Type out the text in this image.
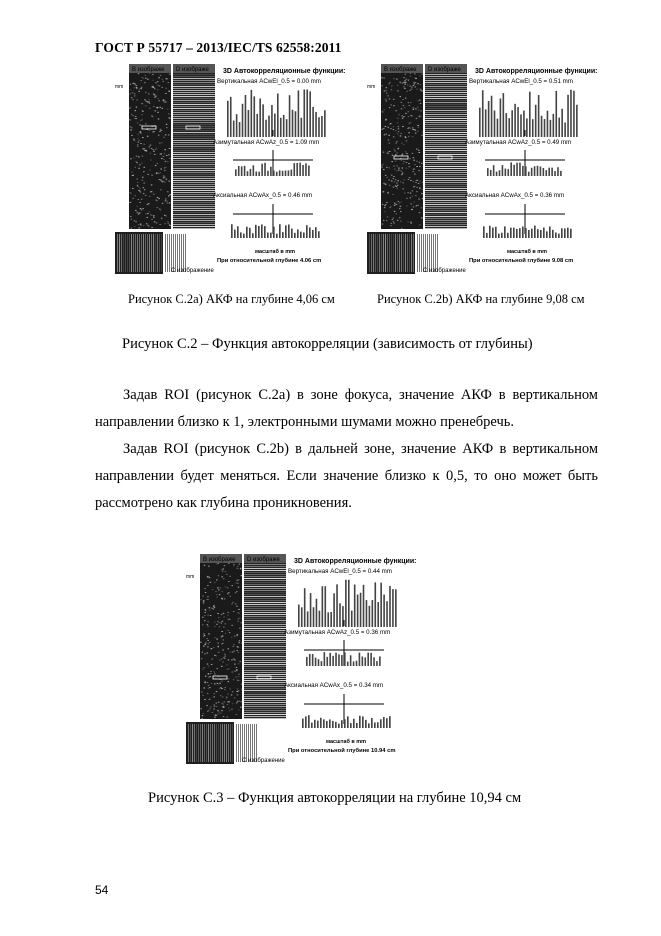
ГОСТ Р 55717 – 2013/IEC/TS 62558:2011
B изображе D изображе
mm
3D Автокорреляционные функции:
Вертикальная ACwEl_0.5 = 0.00 mm
Азимутальная ACwAz_0.5 = 1.09 mm
Аксиальная ACwAx_0.5 = 0.46 mm
масштаб в mm
При относительной глубине 4.06 cm
С изображение
B изображе D изображе
mm
3D Автокорреляционные функции:
Вертикальная ACwEl_0.5 = 0.51 mm
Азимутальная ACwAz_0.5 = 0.49 mm
Аксиальная ACwAx_0.5 = 0.36 mm
масштаб в mm
При относительной глубине 9.08 cm
С изображение
Рисунок С.2а) АКФ на глубине 4,06 см	Рисунок С.2b) АКФ на глубине 9,08 см
Рисунок С.2 – Функция автокорреляции (зависимость от глубины)

Задав ROI (рисунок С.2а) в зоне фокуса, значение АКФ в вертикальном направлении близко к 1, электронными шумами можно пренебречь.

Задав ROI (рисунок С.2b) в дальней зоне, значение АКФ в вертикальном направлении будет меняться. Если значение близко к 0,5, то оно может быть рассмотрено как глубина проникновения.

B изображе D изображе
mm
3D Автокорреляционные функции:
Вертикальная ACwEl_0.5 = 0.44 mm
Азимутальная ACwAz_0.5 = 0.36 mm
Аксиальная ACwAx_0.5 = 0.34 mm
масштаб в mm
При относительной глубине 10.94 cm
С изображение
Рисунок С.3 – Функция автокорреляции на глубине 10,94 см
54
